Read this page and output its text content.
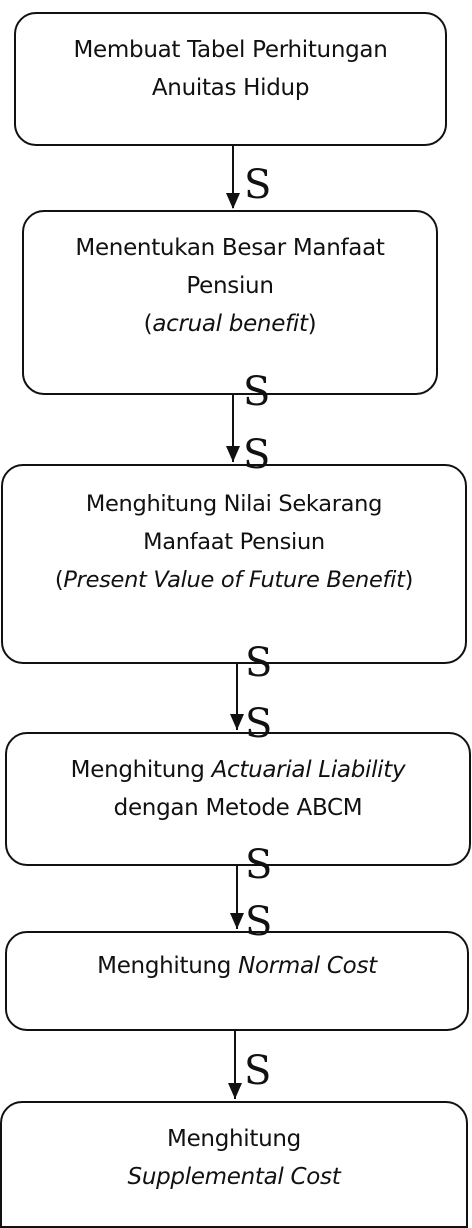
Membuat Tabel Perhitungan
Anuitas Hidup
Menentukan Besar Manfaat
Pensiun
(acrual benefit)
Menghitung Nilai Sekarang
Manfaat Pensiun
(Present Value of Future Benefit)
Menghitung Actuarial Liability
dengan Metode ABCM
Menghitung Normal Cost
Menghitung
Supplemental Cost
S
S
S
S
S
S
S
S
